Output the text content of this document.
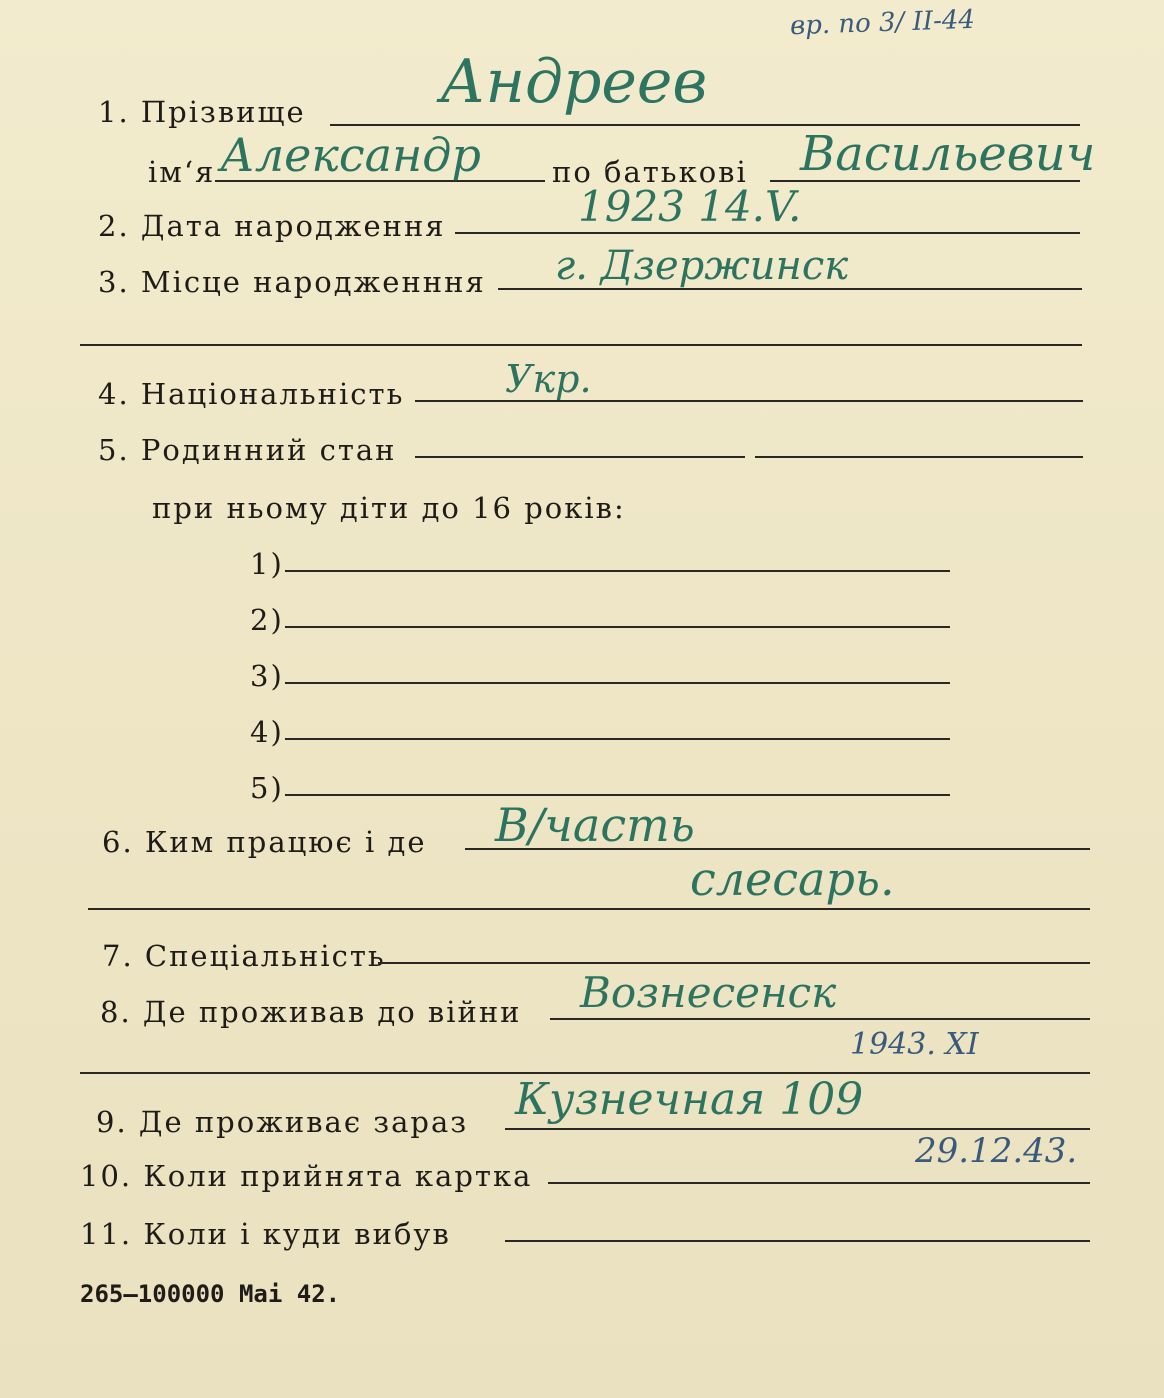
вр. по 3/ ІІ-44
1. Прізвище Андреев
ім‘я Александр по батькові Васильевич
2. Дата народження	1923 14.V.
3. Місце народженння г. Дзержинск
4. Національність	Укр.
5. Родинний стан
при ньому діти до 16 років:
1)
2)
3)
4)
5)
6. Ким працює і де В/часть
слесарь.
7. Спеціальність
8. Де проживав до війни Вознесенск
1943. XI
9. Де проживає зараз Кузнечная 109
10. Коли прийнята картка
29.12.43.
11. Коли і куди вибув
265—100000 Mai 42.
